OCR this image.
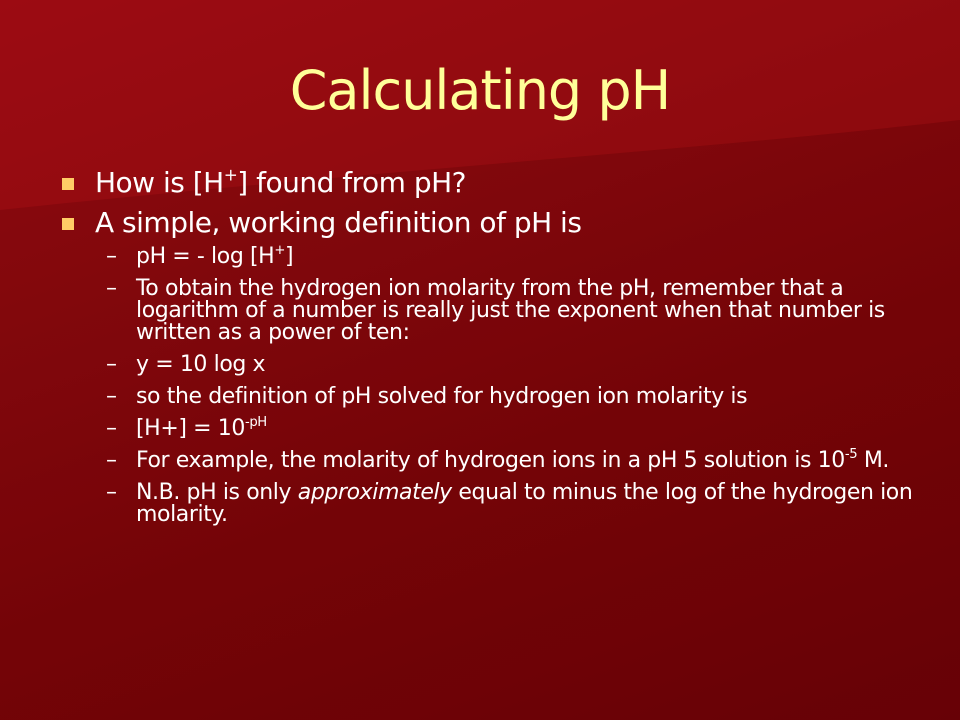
Calculating pH
How is [H+] found from pH?
A simple, working definition of pH is
– pH = - log [H+]
– To obtain the hydrogen ion molarity from the pH, remember that a logarithm of a number is really just the exponent when that number is written as a power of ten:
– y = 10 log x
– so the definition of pH solved for hydrogen ion molarity is
– $[H+] = 10^{-pH}$
– For example, the molarity of hydrogen ions in a pH 5 solution is $10^{-5}$ M.
– N.B. pH is only approximately equal to minus the log of the hydrogen ion molarity.
